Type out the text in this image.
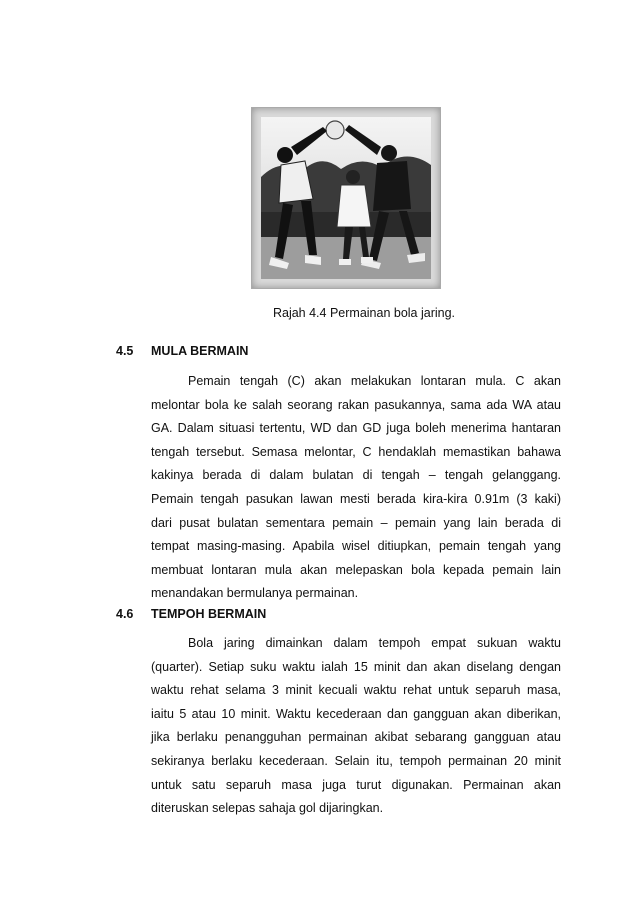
Rajah 4.4 Permainan bola jaring.
4.5 MULA BERMAIN
Pemain tengah (C) akan melakukan lontaran mula. C akan
melontar bola ke salah seorang rakan pasukannya, sama ada WA atau
GA. Dalam situasi tertentu, WD dan GD juga boleh menerima hantaran
tengah tersebut. Semasa melontar, C hendaklah memastikan bahawa
kakinya berada di dalam bulatan di tengah – tengah gelanggang.
Pemain tengah pasukan lawan mesti berada kira-kira 0.91m (3 kaki)
dari pusat bulatan sementara pemain – pemain yang lain berada di
tempat masing-masing. Apabila wisel ditiupkan, pemain tengah yang
membuat lontaran mula akan melepaskan bola kepada pemain lain
menandakan bermulanya permainan.
4.6 TEMPOH BERMAIN
Bola jaring dimainkan dalam tempoh empat sukuan waktu
(quarter). Setiap suku waktu ialah 15 minit dan akan diselang dengan
waktu rehat selama 3 minit kecuali waktu rehat untuk separuh masa,
iaitu 5 atau 10 minit. Waktu kecederaan dan gangguan akan diberikan,
jika berlaku penangguhan permainan akibat sebarang gangguan atau
sekiranya berlaku kecederaan. Selain itu, tempoh permainan 20 minit
untuk satu separuh masa juga turut digunakan. Permainan akan
diteruskan selepas sahaja gol dijaringkan.
